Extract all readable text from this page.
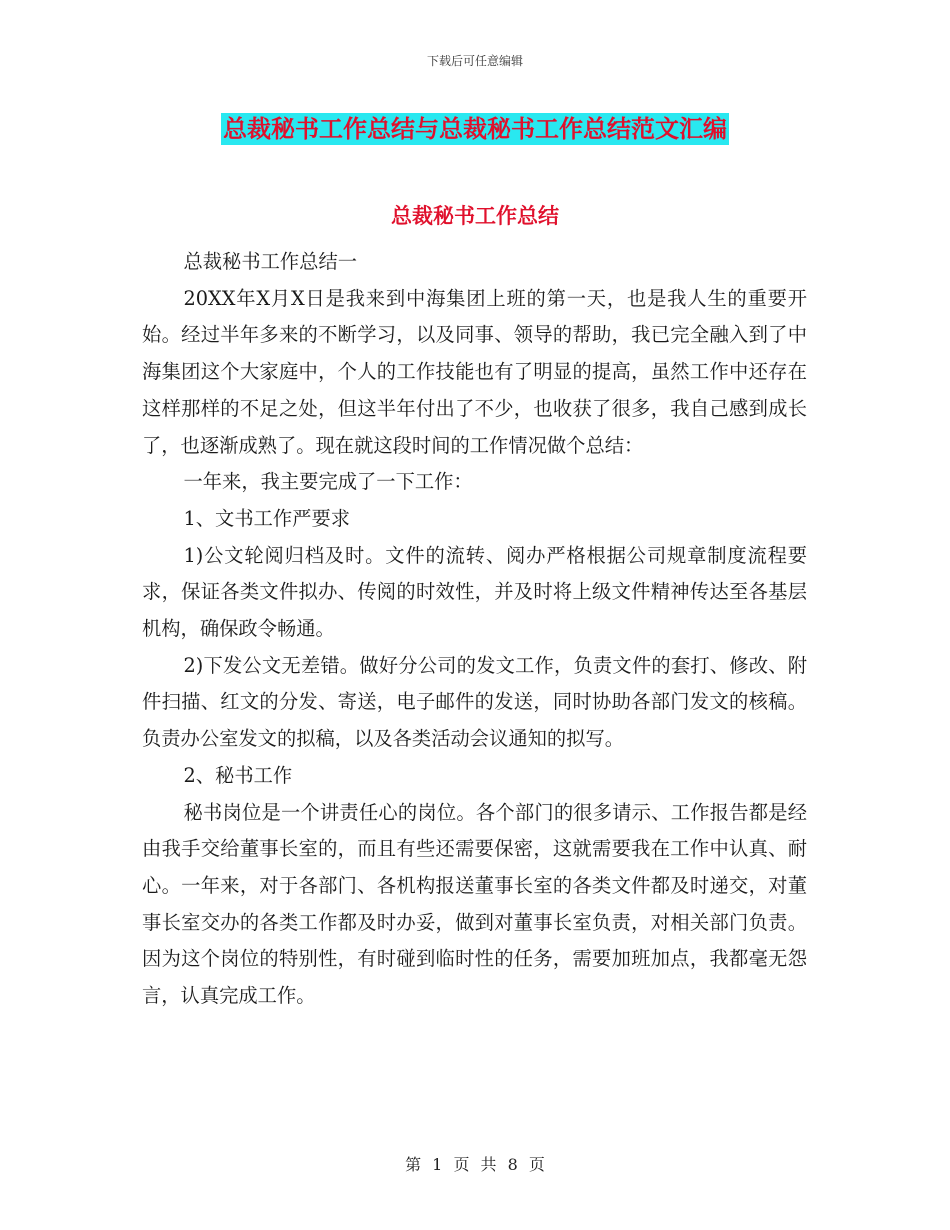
下载后可任意编辑
总裁秘书工作总结与总裁秘书工作总结范文汇编
总裁秘书工作总结

总裁秘书工作总结一

20XX年X月X日是我来到中海集团上班的第一天，也是我人生的重要开始。经过半年多来的不断学习，以及同事、领导的帮助，我已完全融入到了中海集团这个大家庭中，个人的工作技能也有了明显的提高，虽然工作中还存在这样那样的不足之处，但这半年付出了不少，也收获了很多，我自己感到成长了，也逐渐成熟了。现在就这段时间的工作情况做个总结：

一年来，我主要完成了一下工作：

1、文书工作严要求

1)公文轮阅归档及时。文件的流转、阅办严格根据公司规章制度流程要求，保证各类文件拟办、传阅的时效性，并及时将上级文件精神传达至各基层机构，确保政令畅通。

2)下发公文无差错。做好分公司的发文工作，负责文件的套打、修改、附件扫描、红文的分发、寄送，电子邮件的发送，同时协助各部门发文的核稿。负责办公室发文的拟稿，以及各类活动会议通知的拟写。

2、秘书工作

秘书岗位是一个讲责任心的岗位。各个部门的很多请示、工作报告都是经由我手交给董事长室的，而且有些还需要保密，这就需要我在工作中认真、耐心。一年来，对于各部门、各机构报送董事长室的各类文件都及时递交，对董事长室交办的各类工作都及时办妥，做到对董事长室负责，对相关部门负责。因为这个岗位的特别性，有时碰到临时性的任务，需要加班加点，我都毫无怨言，认真完成工作。

第 1 页 共 8 页
